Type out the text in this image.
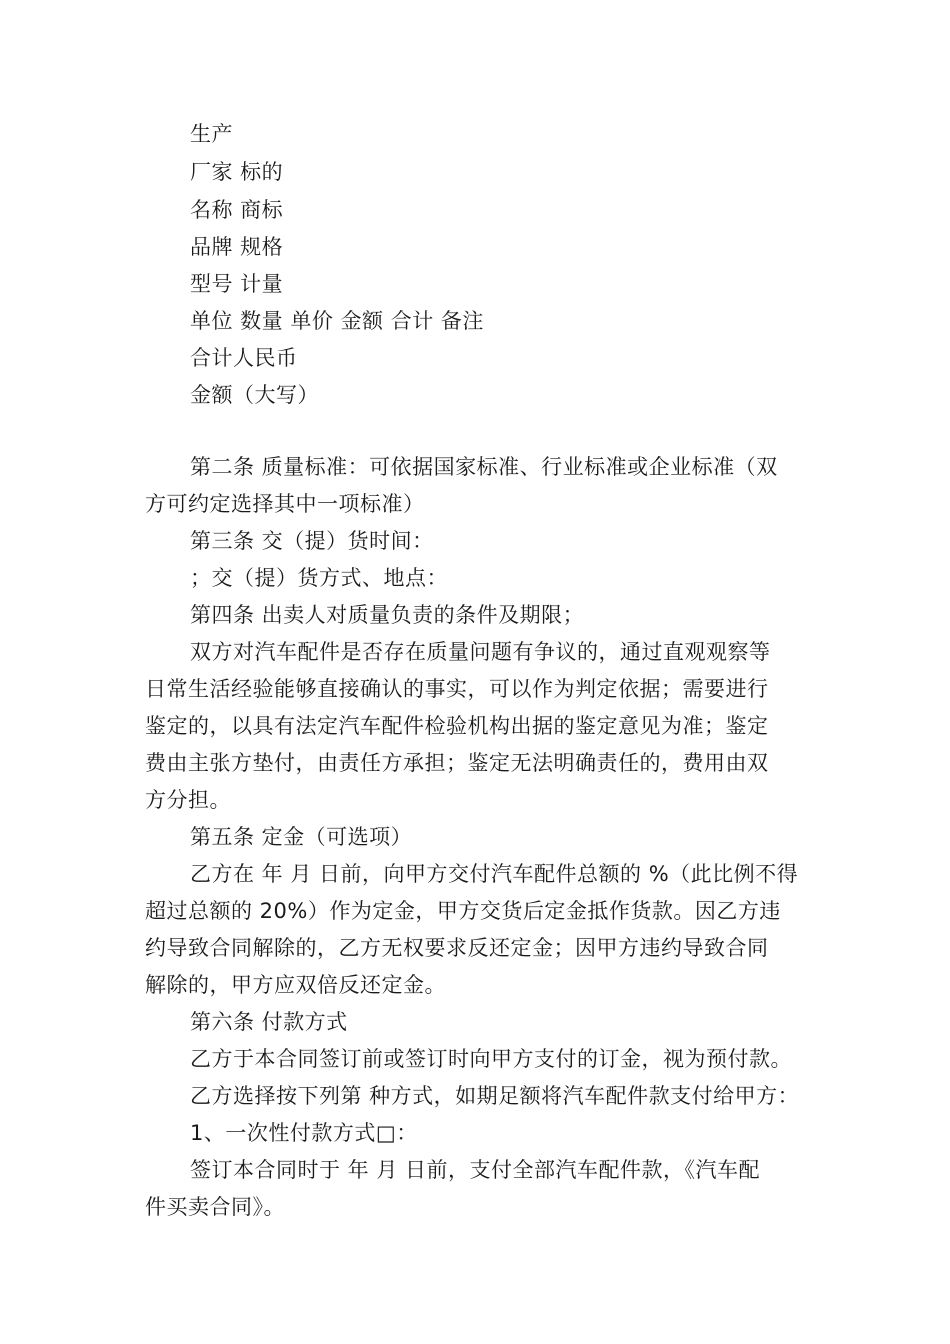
生产
厂家 标的
名称 商标
品牌 规格
型号 计量
单位 数量 单价 金额 合计 备注
合计人民币
金额（大写）
第二条 质量标准：可依据国家标准、行业标准或企业标准（双
方可约定选择其中一项标准）
第三条 交（提）货时间：
；交（提）货方式、地点：
第四条 出卖人对质量负责的条件及期限；
双方对汽车配件是否存在质量问题有争议的，通过直观观察等
日常生活经验能够直接确认的事实，可以作为判定依据；需要进行
鉴定的，以具有法定汽车配件检验机构出据的鉴定意见为准；鉴定
费由主张方垫付，由责任方承担；鉴定无法明确责任的，费用由双
方分担。
第五条 定金（可选项）
乙方在 年 月 日前，向甲方交付汽车配件总额的 %（此比例不得
超过总额的 20%）作为定金，甲方交货后定金抵作货款。因乙方违
约导致合同解除的，乙方无权要求反还定金；因甲方违约导致合同
解除的，甲方应双倍反还定金。
第六条 付款方式
乙方于本合同签订前或签订时向甲方支付的订金，视为预付款。
乙方选择按下列第 种方式，如期足额将汽车配件款支付给甲方：
1、一次性付款方式□：
签订本合同时于 年 月 日前，支付全部汽车配件款，《汽车配
件买卖合同》。
